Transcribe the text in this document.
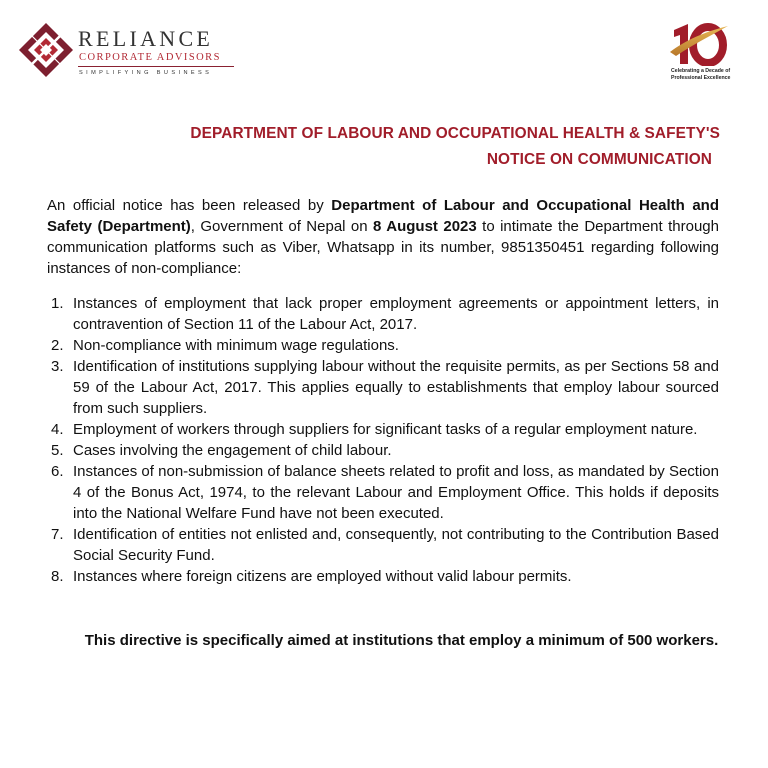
RELIANCE
CORPORATE ADVISORS
SIMPLIFYING BUSINESS	Celebrating a Decade of
Professional Excellence
DEPARTMENT OF LABOUR AND OCCUPATIONAL HEALTH & SAFETY'S
NOTICE ON COMMUNICATION

An official notice has been released by Department of Labour and Occupational Health and Safety (Department), Government of Nepal on 8 August 2023 to intimate the Department through communication platforms such as Viber, Whatsapp in its number, 9851350451 regarding following instances of non-compliance:

1. Instances of employment that lack proper employment agreements or appointment letters, in contravention of Section 11 of the Labour Act, 2017.
2. Non-compliance with minimum wage regulations.
3. Identification of institutions supplying labour without the requisite permits, as per Sections 58 and 59 of the Labour Act, 2017. This applies equally to establishments that employ labour sourced from such suppliers.
4. Employment of workers through suppliers for significant tasks of a regular employment nature.
5. Cases involving the engagement of child labour.
6. Instances of non-submission of balance sheets related to profit and loss, as mandated by Section 4 of the Bonus Act, 1974, to the relevant Labour and Employment Office. This holds if deposits into the National Welfare Fund have not been executed.
7. Identification of entities not enlisted and, consequently, not contributing to the Contribution Based Social Security Fund.
8. Instances where foreign citizens are employed without valid labour permits.
This directive is specifically aimed at institutions that employ a minimum of 500 workers.
